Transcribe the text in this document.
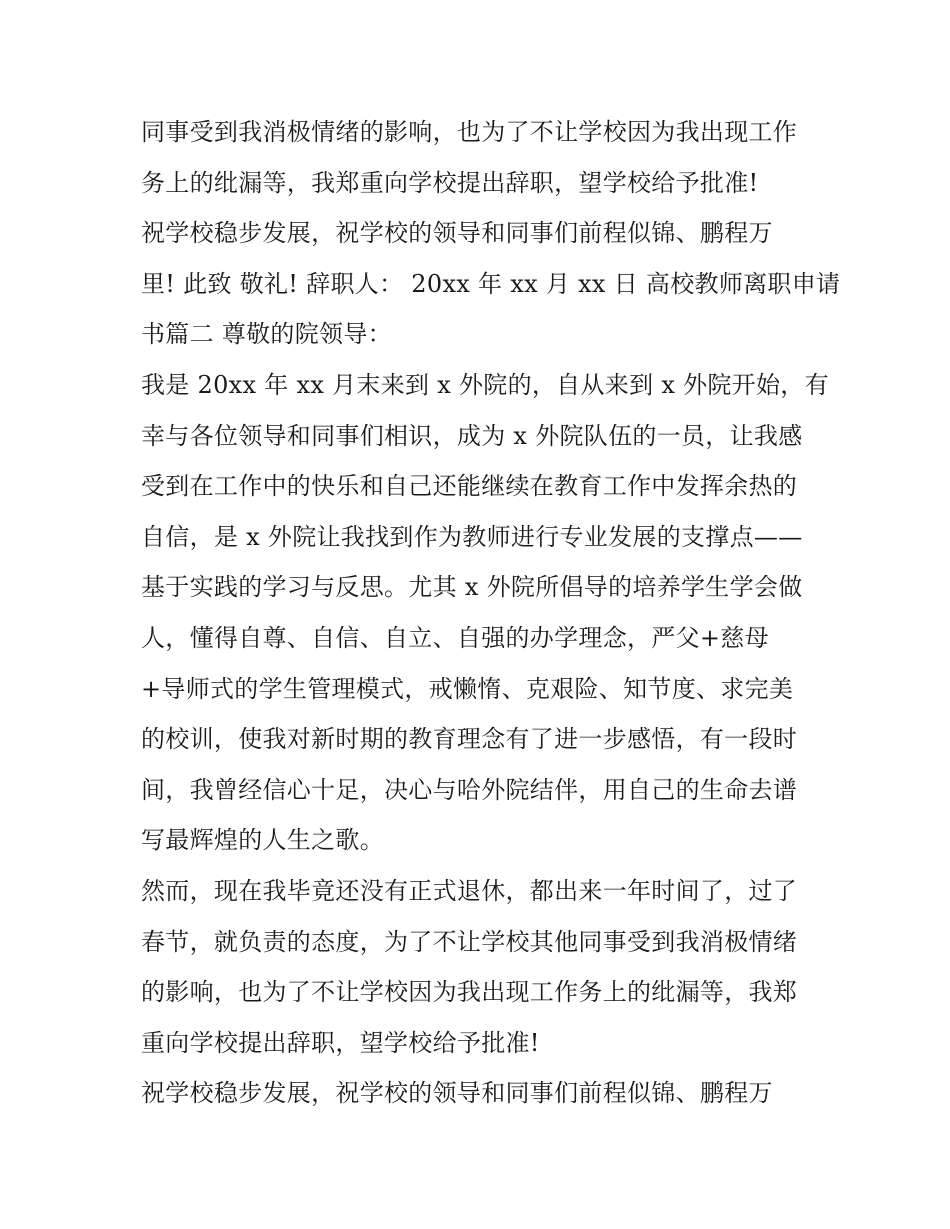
同事受到我消极情绪的影响，也为了不让学校因为我出现工作
务上的纰漏等，我郑重向学校提出辞职，望学校给予批准!
祝学校稳步发展，祝学校的领导和同事们前程似锦、鹏程万
里! 此致 敬礼! 辞职人： 20xx 年 xx 月 xx 日 高校教师离职申请
书篇二 尊敬的院领导：
我是 20xx 年 xx 月末来到 x 外院的，自从来到 x 外院开始，有
幸与各位领导和同事们相识，成为 x 外院队伍的一员，让我感
受到在工作中的快乐和自己还能继续在教育工作中发挥余热的
自信，是 x 外院让我找到作为教师进行专业发展的支撑点——
基于实践的学习与反思。尤其 x 外院所倡导的培养学生学会做
人，懂得自尊、自信、自立、自强的办学理念，严父+慈母
+导师式的学生管理模式，戒懒惰、克艰险、知节度、求完美
的校训，使我对新时期的教育理念有了进一步感悟，有一段时
间，我曾经信心十足，决心与哈外院结伴，用自己的生命去谱
写最辉煌的人生之歌。
然而，现在我毕竟还没有正式退休，都出来一年时间了，过了
春节，就负责的态度，为了不让学校其他同事受到我消极情绪
的影响，也为了不让学校因为我出现工作务上的纰漏等，我郑
重向学校提出辞职，望学校给予批准!
祝学校稳步发展，祝学校的领导和同事们前程似锦、鹏程万
